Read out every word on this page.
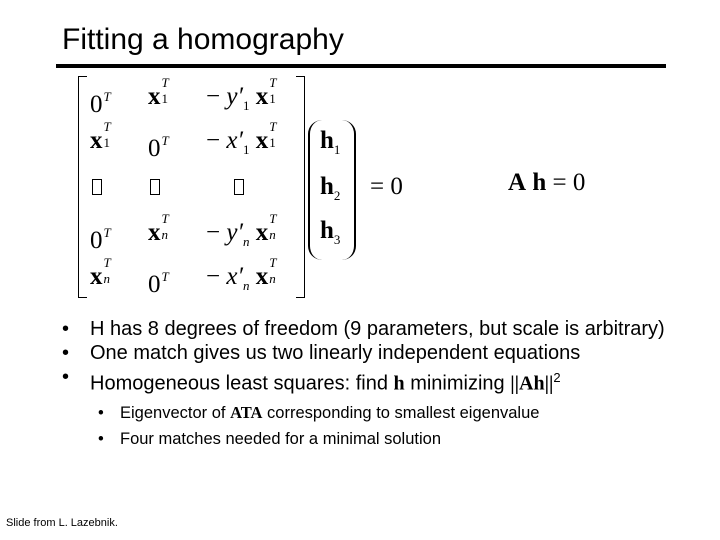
Fitting a homography
$0^T$ x
T
$1 - y'_1$ x
T
1
x
T
1 $0^T - x'_1$ x
T
1
$0^T$ x
T
$n - y'_n$ x
T
n
x
T
n $0^T - x'_n$ x
T
n
$h_1$
$h_2$
$h_3$
= 0	A h = 0
• H has 8 degrees of freedom (9 parameters, but scale is arbitrary)
• One match gives us two linearly independent equations
• Homogeneous least squares: find h minimizing $||Ah||^2$
• Eigenvector of ATA corresponding to smallest eigenvalue
• Four matches needed for a minimal solution
Slide from L. Lazebnik.
